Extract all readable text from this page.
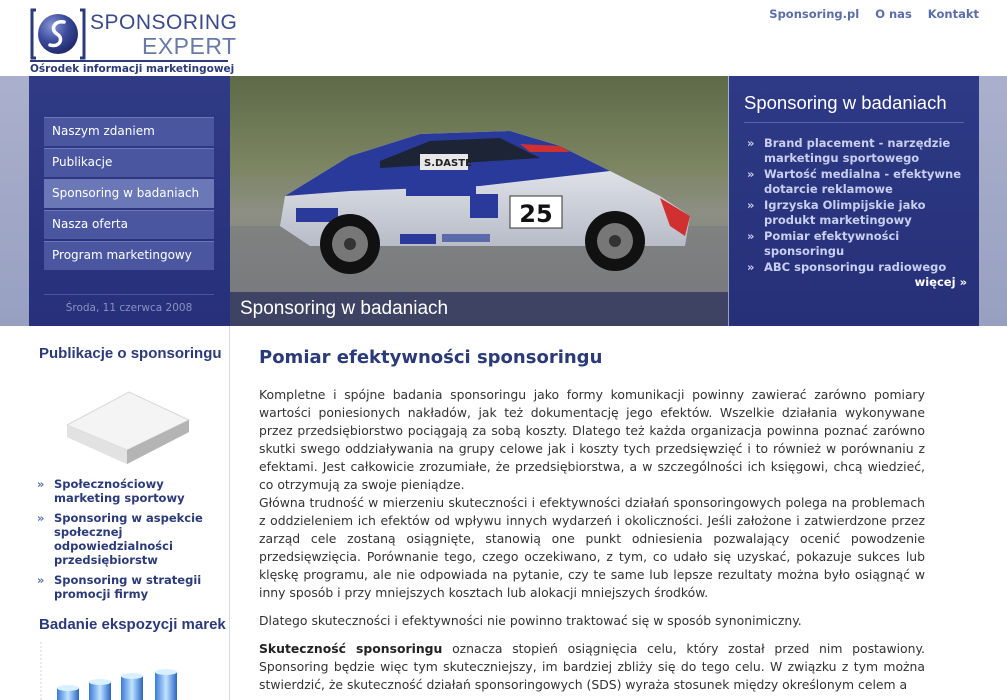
SPONSORING
EXPERT
Ośrodek informacji marketingowej
Sponsoring.pl O nas Kontakt
Naszym zdaniem
Publikacje
Sponsoring w badaniach
Nasza oferta
Program marketingowy
Środa, 11 czerwca 2008
S.DASTE
25
Sponsoring w badaniach
Sponsoring w badaniach
» Brand placement - narzędzie marketingu sportowego
» Wartość medialna - efektywne dotarcie reklamowe
» Igrzyska Olimpijskie jako produkt marketingowy
» Pomiar efektywności sponsoringu
» ABC sponsoringu radiowego
więcej »
Publikacje o sponsoringu
» Społecznościowy marketing sportowy
» Sponsoring w aspekcie społecznej odpowiedzialności przedsiębiorstw
» Sponsoring w strategii promocji firmy
Badanie ekspozycji marek
Pomiar efektywności sponsoringu

Kompletne i spójne badania sponsoringu jako formy komunikacji powinny zawierać zarówno pomiary wartości poniesionych nakładów, jak też dokumentację jego efektów. Wszelkie działania wykonywane przez przedsiębiorstwo pociągają za sobą koszty. Dlatego też każda organizacja powinna poznać zarówno skutki swego oddziaływania na grupy celowe jak i koszty tych przedsięwzięć i to również w porównaniu z efektami. Jest całkowicie zrozumiałe, że przedsiębiorstwa, a w szczególności ich księgowi, chcą wiedzieć, co otrzymują za swoje pieniądze.

Główna trudność w mierzeniu skuteczności i efektywności działań sponsoringowych polega na problemach z oddzieleniem ich efektów od wpływu innych wydarzeń i okoliczności. Jeśli założone i zatwierdzone przez zarząd cele zostaną osiągnięte, stanowią one punkt odniesienia pozwalający ocenić powodzenie przedsięwzięcia. Porównanie tego, czego oczekiwano, z tym, co udało się uzyskać, pokazuje sukces lub klęskę programu, ale nie odpowiada na pytanie, czy te same lub lepsze rezultaty można było osiągnąć w inny sposób i przy mniejszych kosztach lub alokacji mniejszych środków.

Dlatego skuteczności i efektywności nie powinno traktować się w sposób synonimiczny.

Skuteczność sponsoringu oznacza stopień osiągnięcia celu, który został przed nim postawiony. Sponsoring będzie więc tym skuteczniejszy, im bardziej zbliży się do tego celu. W związku z tym można stwierdzić, że skuteczność działań sponsoringowych (SDS) wyraża stosunek między określonym celem a
